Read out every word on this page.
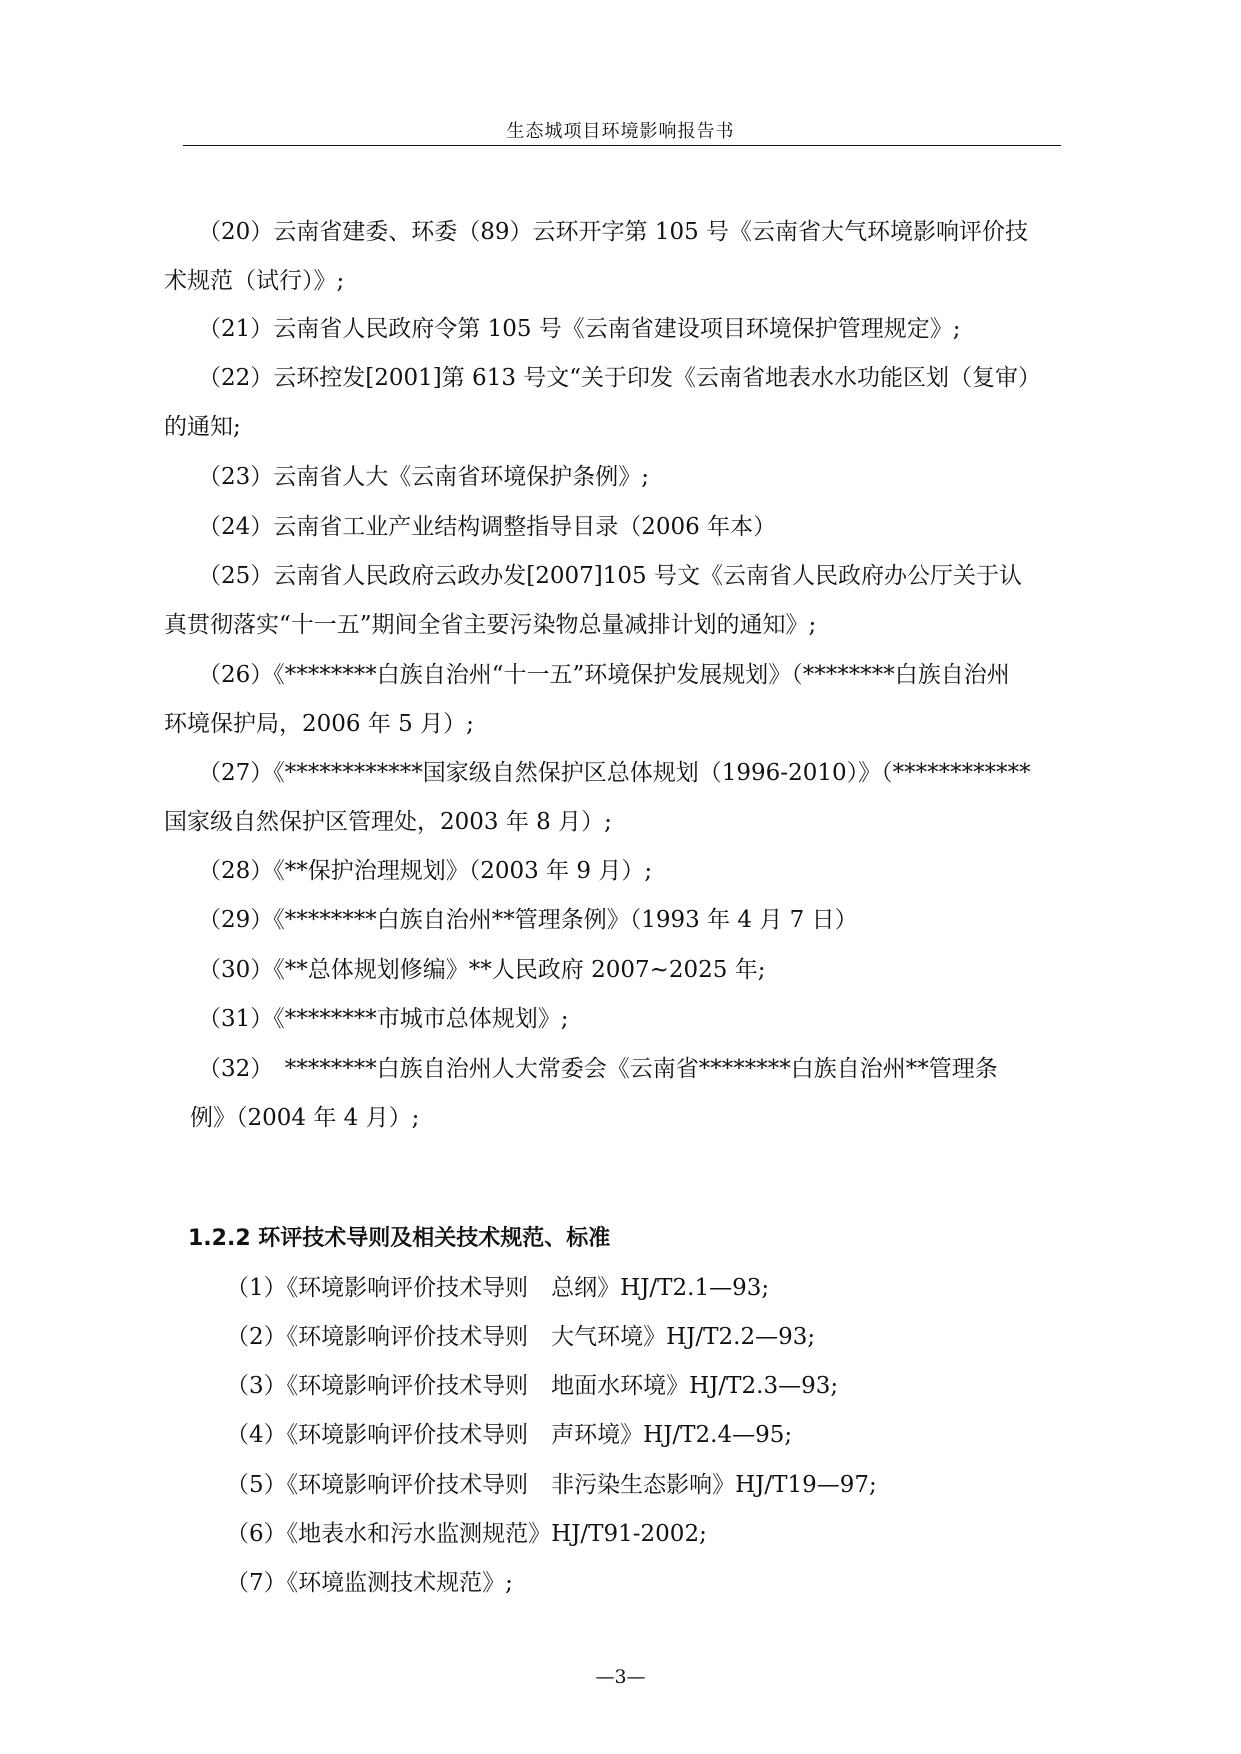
生态城项目环境影响报告书
（20）云南省建委、环委（89）云环开字第 105 号《云南省大气环境影响评价技
术规范（试行）》;
（21）云南省人民政府令第 105 号《云南省建设项目环境保护管理规定》;
（22）云环控发[2001]第 613 号文“关于印发《云南省地表水水功能区划（复审）
的通知;
（23）云南省人大《云南省环境保护条例》;
（24）云南省工业产业结构调整指导目录（2006 年本）
（25）云南省人民政府云政办发[2007]105 号文《云南省人民政府办公厅关于认
真贯彻落实“十一五”期间全省主要污染物总量减排计划的通知》;
（26）《********白族自治州“十一五”环境保护发展规划》（********白族自治州
环境保护局，2006 年 5 月）;
（27）《************国家级自然保护区总体规划（1996-2010）》（************
国家级自然保护区管理处，2003 年 8 月）;
（28）《**保护治理规划》（2003 年 9 月）;
（29）《********白族自治州**管理条例》（1993 年 4 月 7 日）
（30）《**总体规划修编》**人民政府 2007~2025 年;
（31）《********市城市总体规划》;
（32）　********白族自治州人大常委会《云南省********白族自治州**管理条
例》（2004 年 4 月）;
1.2.2 环评技术导则及相关技术规范、标准
（1）《环境影响评价技术导则　总纲》HJ/T2.1—93;
（2）《环境影响评价技术导则　大气环境》HJ/T2.2—93;
（3）《环境影响评价技术导则　地面水环境》HJ/T2.3—93;
（4）《环境影响评价技术导则　声环境》HJ/T2.4—95;
（5）《环境影响评价技术导则　非污染生态影响》HJ/T19—97;
（6）《地表水和污水监测规范》HJ/T91-2002;
（7）《环境监测技术规范》;
—3—
